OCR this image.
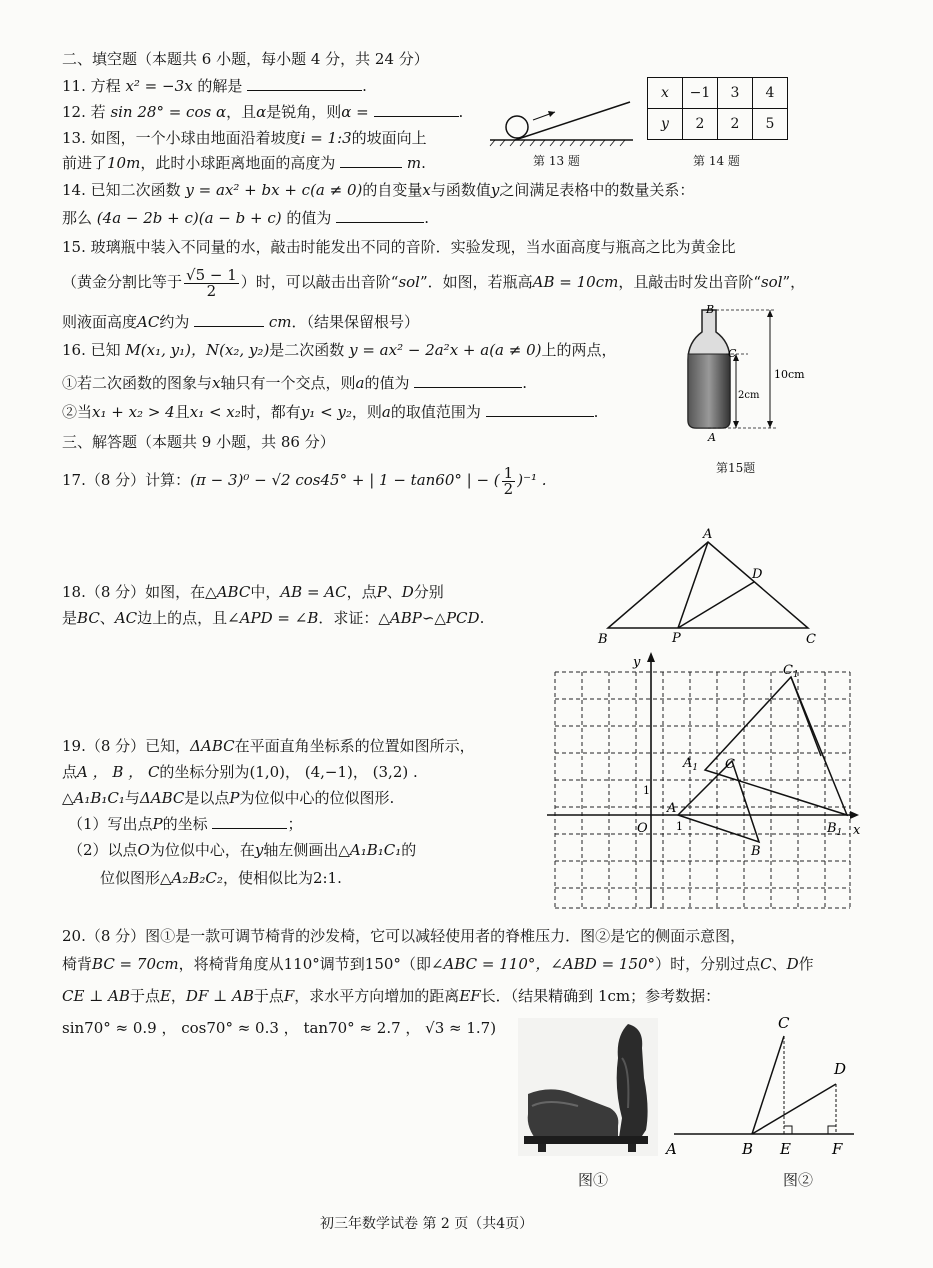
二、填空题（本题共 6 小题，每小题 4 分，共 24 分）
11. 方程 x² = −3x 的解是	.
12. 若 sin 28° = cos α，且α是锐角，则α =	.
13. 如图，一个小球由地面沿着坡度i = 1:3的坡面向上
前进了10m，此时小球距离地面的高度为	m.	第 13 题
x	−1	3	4
y	2	2	5
第 14 题
14. 已知二次函数 y = ax² + bx + c(a ≠ 0)的自变量x与函数值y之间满足表格中的数量关系：
那么 (4a − 2b + c)(a − b + c) 的值为	.
15. 玻璃瓶中装入不同量的水，敲击时能发出不同的音阶．实验发现，当水面高度与瓶高之比为黄金比
（黄金分割比等于 $\frac{√5 - 1}{2}$ ）时，可以敲击出音阶“sol”．如图，若瓶高AB = 10cm，且敲击时发出音阶“sol”，
则液面高度AC约为	cm．（结果保留根号）
B
C
A
10cm
2cm
第15题
16. 已知 M(x₁, y₁)，N(x₂, y₂)是二次函数 y = ax² − 2a²x + a(a ≠ 0)上的两点，
①若二次函数的图象与x轴只有一个交点，则a的值为	.
②当x₁ + x₂ > 4且x₁ < x₂时，都有y₁ < y₂，则a的取值范围为	.
三、解答题（本题共 9 小题，共 86 分）
17.（8 分）计算：(π − 3)⁰ − √2 cos45° + | 1 − tan60° | − ( $\frac{1}{2} )^{-1}$ .
18.（8 分）如图，在△ABC中，AB = AC，点P、D分别
是BC、AC边上的点，且∠APD = ∠B．求证：△ABP∽△PCD.
A
B	C
D
P
19.（8 分）已知，ΔABC在平面直角坐标系的位置如图所示，
点A ， B ， C的坐标分别为(1,0)， (4,−1)， (3,2) .
△A₁B₁C₁与ΔABC是以点P为位似中心的位似图形.
（1）写出点P的坐标	；
（2）以点O为位似中心，在y轴左侧画出△A₁B₁C₁的
位似图形△A₂B₂C₂，使相似比为2:1.
y
x
O
$C_1$
$A_1$ C
A
B
$B_1$
1
1
20.（8 分）图①是一款可调节椅背的沙发椅，它可以减轻使用者的脊椎压力．图②是它的侧面示意图，
椅背BC = 70cm，将椅背角度从110°调节到150°（即∠ABC = 110°，∠ABD = 150°）时，分别过点C、D作
CE ⊥ AB于点E，DF ⊥ AB于点F，求水平方向增加的距离EF长．（结果精确到 1cm；参考数据：
sin70° ≈ 0.9 ， cos70° ≈ 0.3 ， tan70° ≈ 2.7 ， √3 ≈ 1.7)
图①
A	B
C
D
E	F
图②
初三年数学试卷 第 2 页（共4页）
